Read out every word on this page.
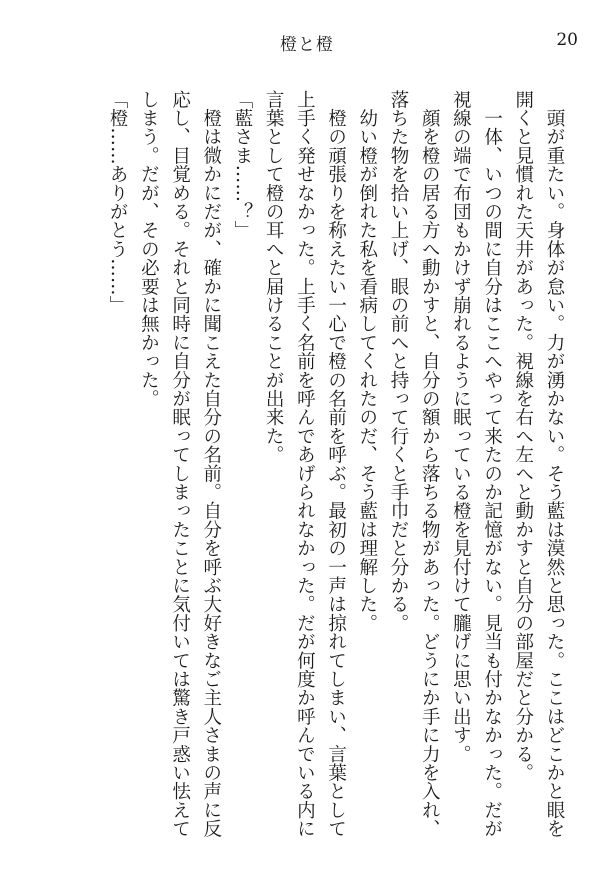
橙と橙	20

　頭が重たい。身体が怠い。力が湧かない。そう藍は漠然と思った。ここはどこかと眼を開くと見慣れた天井があった。視線を右へ左へと動かすと自分の部屋だと分かる。

　一体、いつの間に自分はここへやって来たのか記憶がない。見当も付かなかった。だが視線の端で布団もかけず崩れるように眠っている橙を見付けて朧げに思い出す。

　顔を橙の居る方へ動かすと、自分の額から落ちる物があった。どうにか手に力を入れ、落ちた物を拾い上げ、眼の前へと持って行くと手巾だと分かる。

　幼い橙が倒れた私を看病してくれたのだ、そう藍は理解した。

　橙の頑張りを称えたい一心で橙の名前を呼ぶ。最初の一声は掠れてしまい、言葉として上手く発せなかった。上手く名前を呼んであげられなかった。だが何度か呼んでいる内に言葉として橙の耳へと届けることが出来た。

「藍さま……？」

　橙は微かにだが、確かに聞こえた自分の名前。自分を呼ぶ大好きなご主人さまの声に反応し、目覚める。それと同時に自分が眠ってしまったことに気付いては驚き戸惑い怯えてしまう。だが、その必要は無かった。

「橙……ありがとう……」
